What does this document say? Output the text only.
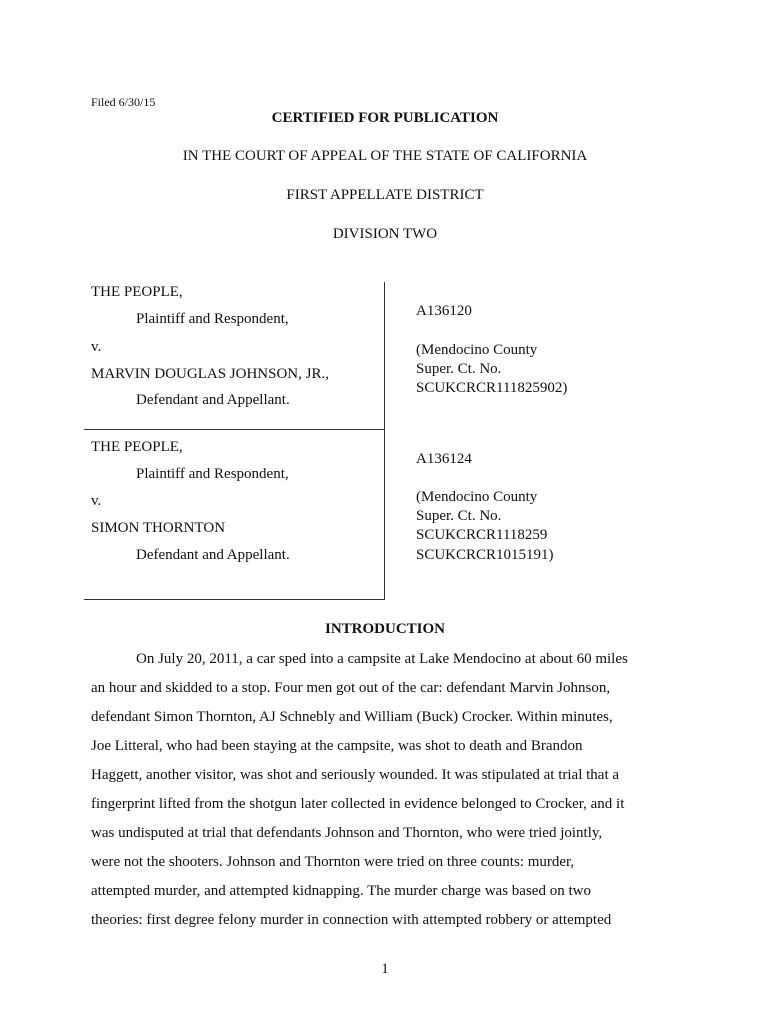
Filed 6/30/15
CERTIFIED FOR PUBLICATION
IN THE COURT OF APPEAL OF THE STATE OF CALIFORNIA
FIRST APPELLATE DISTRICT
DIVISION TWO
THE PEOPLE,
Plaintiff and Respondent,
v.
MARVIN DOUGLAS JOHNSON, JR.,
Defendant and Appellant.
A136120
(Mendocino County
Super. Ct. No.
SCUKCRCR111825902)
THE PEOPLE,
Plaintiff and Respondent,
v.
SIMON THORNTON
Defendant and Appellant.
A136124
(Mendocino County
Super. Ct. No.
SCUKCRCR1118259
SCUKCRCR1015191)
INTRODUCTION
On July 20, 2011, a car sped into a campsite at Lake Mendocino at about 60 miles
an hour and skidded to a stop. Four men got out of the car: defendant Marvin Johnson,
defendant Simon Thornton, AJ Schnebly and William (Buck) Crocker. Within minutes,
Joe Litteral, who had been staying at the campsite, was shot to death and Brandon
Haggett, another visitor, was shot and seriously wounded. It was stipulated at trial that a
fingerprint lifted from the shotgun later collected in evidence belonged to Crocker, and it
was undisputed at trial that defendants Johnson and Thornton, who were tried jointly,
were not the shooters. Johnson and Thornton were tried on three counts: murder,
attempted murder, and attempted kidnapping. The murder charge was based on two
theories: first degree felony murder in connection with attempted robbery or attempted
1
